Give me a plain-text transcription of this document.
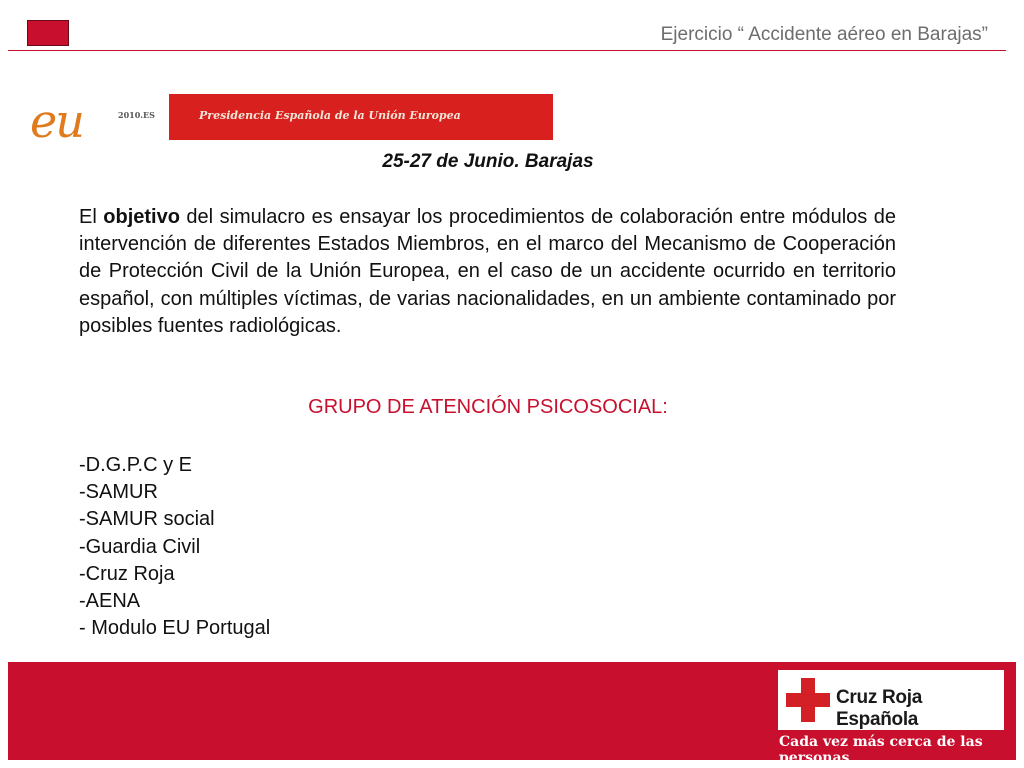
Ejercicio “ Accidente aéreo en Barajas”
eu	2010.ES	Presidencia Española de la Unión Europea
25-27 de Junio. Barajas

El objetivo del simulacro es ensayar los procedimientos de colaboración entre módulos de intervención de diferentes Estados Miembros, en el marco del Mecanismo de Cooperación de Protección Civil de la Unión Europea, en el caso de un accidente ocurrido en territorio español, con múltiples víctimas, de varias nacionalidades, en un ambiente contaminado por posibles fuentes radiológicas.

GRUPO DE ATENCIÓN PSICOSOCIAL:
-D.G.P.C y E
-SAMUR
-SAMUR social
-Guardia Civil
-Cruz Roja
-AENA
- Modulo EU Portugal
Cruz Roja Española
Cada vez más cerca de las personas
